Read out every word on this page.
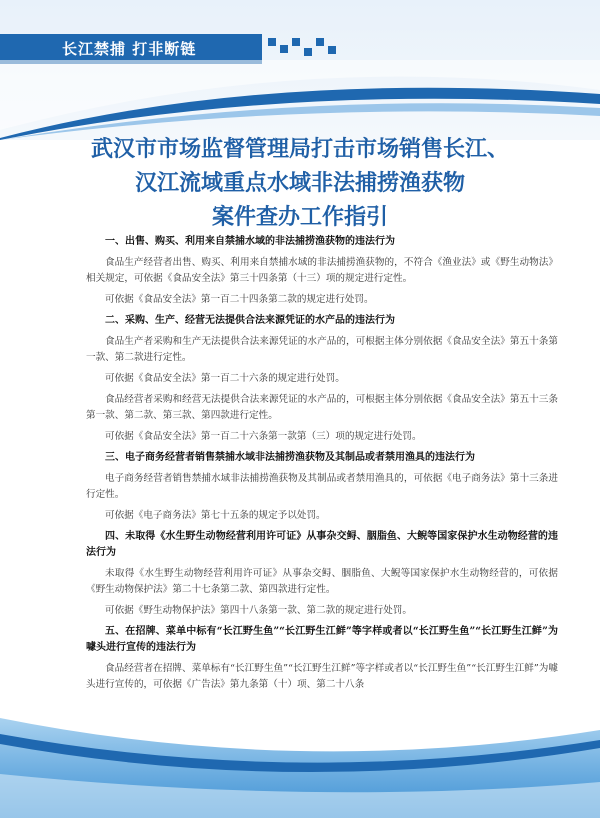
长江禁捕 打非断链
武汉市市场监督管理局打击市场销售长江、
汉江流域重点水域非法捕捞渔获物
案件查办工作指引

一、出售、购买、利用来自禁捕水域的非法捕捞渔获物的违法行为

食品生产经营者出售、购买、利用来自禁捕水域的非法捕捞渔获物的，不符合《渔业法》或《野生动物法》相关规定，可依据《食品安全法》第三十四条第（十三）项的规定进行定性。

可依据《食品安全法》第一百二十四条第二款的规定进行处罚。

二、采购、生产、经营无法提供合法来源凭证的水产品的违法行为

食品生产者采购和生产无法提供合法来源凭证的水产品的，可根据主体分别依据《食品安全法》第五十条第一款、第二款进行定性。

可依据《食品安全法》第一百二十六条的规定进行处罚。

食品经营者采购和经营无法提供合法来源凭证的水产品的，可根据主体分别依据《食品安全法》第五十三条第一款、第二款、第三款、第四款进行定性。

可依据《食品安全法》第一百二十六条第一款第（三）项的规定进行处罚。

三、电子商务经营者销售禁捕水域非法捕捞渔获物及其制品或者禁用渔具的违法行为

电子商务经营者销售禁捕水域非法捕捞渔获物及其制品或者禁用渔具的，可依据《电子商务法》第十三条进行定性。

可依据《电子商务法》第七十五条的规定予以处罚。

四、未取得《水生野生动物经营利用许可证》从事杂交鲟、胭脂鱼、大鲵等国家保护水生动物经营的违法行为

未取得《水生野生动物经营利用许可证》从事杂交鲟、胭脂鱼、大鲵等国家保护水生动物经营的，可依据《野生动物保护法》第二十七条第二款、第四款进行定性。

可依据《野生动物保护法》第四十八条第一款、第二款的规定进行处罚。

五、在招牌、菜单中标有“长江野生鱼”“长江野生江鲜”等字样或者以“长江野生鱼”“长江野生江鲜”为噱头进行宣传的违法行为

食品经营者在招牌、菜单标有“长江野生鱼”“长江野生江鲜”等字样或者以“长江野生鱼”“长江野生江鲜”为噱头进行宣传的，可依据《广告法》第九条第（十）项、第二十八条
